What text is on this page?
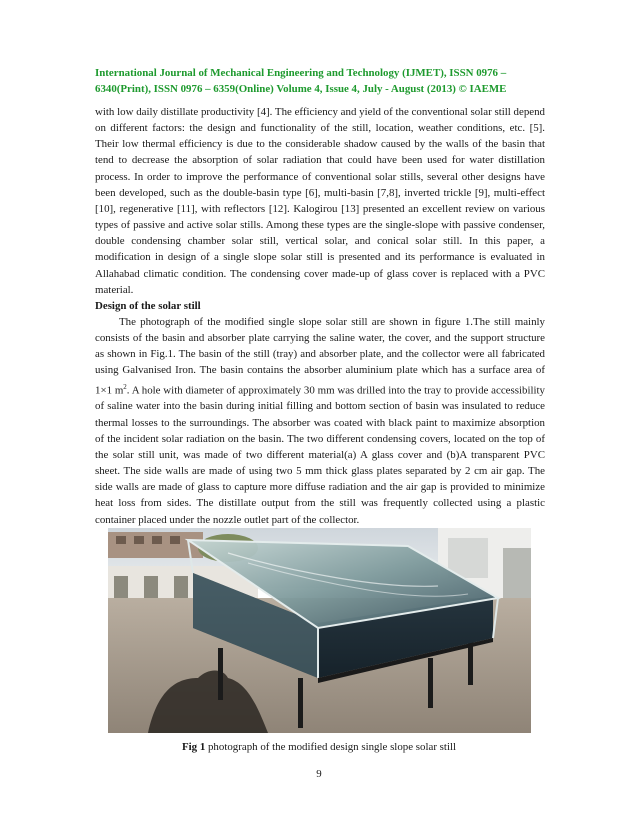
International Journal of Mechanical Engineering and Technology (IJMET), ISSN 0976 –
6340(Print), ISSN 0976 – 6359(Online) Volume 4, Issue 4, July - August (2013) © IAEME
with low daily distillate productivity [4]. The efficiency and yield of the conventional solar still depend on different factors: the design and functionality of the still, location, weather conditions, etc. [5]. Their low thermal efficiency is due to the considerable shadow caused by the walls of the basin that tend to decrease the absorption of solar radiation that could have been used for water distillation process. In order to improve the performance of conventional solar stills, several other designs have been developed, such as the double-basin type [6], multi-basin [7,8], inverted trickle [9], multi-effect [10], regenerative [11], with reflectors [12]. Kalogirou [13] presented an excellent review on various types of passive and active solar stills. Among these types are the single-slope with passive condenser, double condensing chamber solar still, vertical solar, and conical solar still. In this paper, a modification in design of a single slope solar still is presented and its performance is evaluated in Allahabad climatic condition. The condensing cover made-up of glass cover is replaced with a PVC material.
Design of the solar still
The photograph of the modified single slope solar still are shown in figure 1.The still mainly consists of the basin and absorber plate carrying the saline water, the cover, and the support structure as shown in Fig.1. The basin of the still (tray) and absorber plate, and the collector were all fabricated using Galvanised Iron. The basin contains the absorber aluminium plate which has a surface area of 1×1 $m^2$. A hole with diameter of approximately 30 mm was drilled into the tray to provide accessibility of saline water into the basin during initial filling and bottom section of basin was insulated to reduce thermal losses to the surroundings. The absorber was coated with black paint to maximize absorption of the incident solar radiation on the basin. The two different condensing covers, located on the top of the solar still unit, was made of two different material(a) A glass cover and (b)A transparent PVC sheet. The side walls are made of using two 5 mm thick glass plates separated by 2 cm air gap. The side walls are made of glass to capture more diffuse radiation and the air gap is provided to minimize heat loss from sides. The distillate output from the still was frequently collected using a plastic container placed under the nozzle outlet part of the collector.
Fig 1 photograph of the modified design single slope solar still
9
